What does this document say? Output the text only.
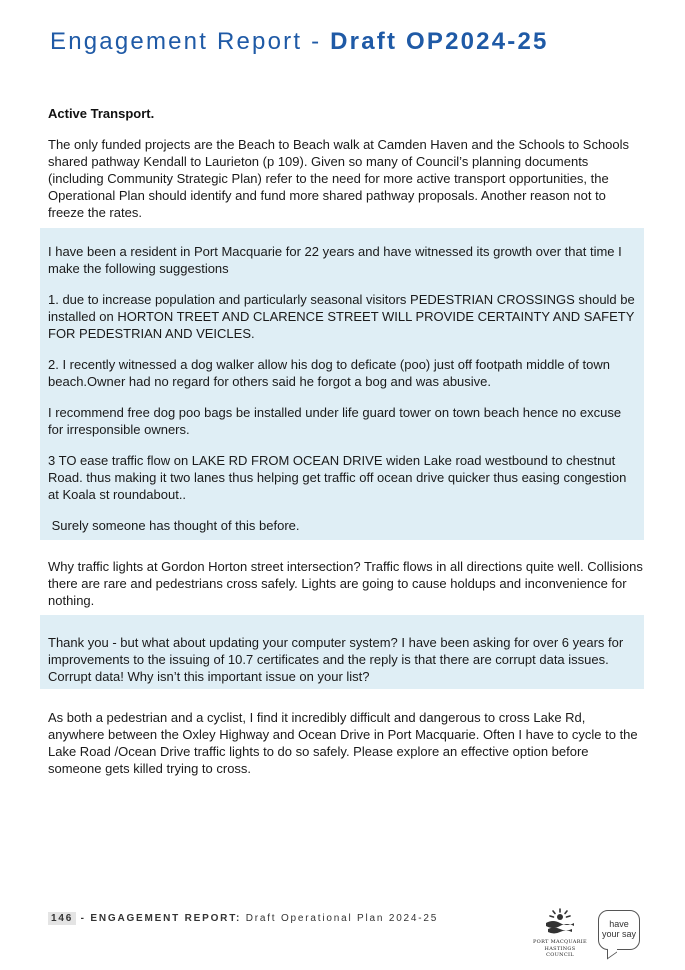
Engagement Report - Draft OP2024-25
Active Transport.

The only funded projects are the Beach to Beach walk at Camden Haven and the Schools to Schools shared pathway Kendall to Laurieton (p 109). Given so many of Council’s planning documents (including Community Strategic Plan) refer to the need for more active transport opportunities, the Operational Plan should identify and fund more shared pathway proposals. Another reason not to freeze the rates.

I have been a resident in Port Macquarie for 22 years and have witnessed its growth over that time I make the following suggestions

1. due to increase population and particularly seasonal visitors PEDESTRIAN CROSSINGS should be installed on HORTON TREET AND CLARENCE STREET WILL PROVIDE CERTAINTY AND SAFETY FOR PEDESTRIAN AND VEICLES.

2. I recently witnessed a dog walker allow his dog to deficate (poo) just off footpath middle of town beach.Owner had no regard for others said he forgot a bog and was abusive.

I recommend free dog poo bags be installed under life guard tower on town beach hence no excuse for irresponsible owners.

3 TO ease traffic flow on LAKE RD FROM OCEAN DRIVE widen Lake road westbound to chestnut Road. thus making it two lanes thus helping get traffic off ocean drive quicker thus easing congestion at Koala st roundabout..

Surely someone has thought of this before.

Why traffic lights at Gordon Horton street intersection? Traffic flows in all directions quite well. Collisions there are rare and pedestrians cross safely. Lights are going to cause holdups and inconvenience for nothing.

Thank you - but what about updating your computer system? I have been asking for over 6 years for improvements to the issuing of 10.7 certificates and the reply is that there are corrupt data issues. Corrupt data! Why isn’t this important issue on your list?

As both a pedestrian and a cyclist, I find it incredibly difficult and dangerous to cross Lake Rd, anywhere between the Oxley Highway and Ocean Drive in Port Macquarie. Often I have to cycle to the Lake Road /Ocean Drive traffic lights to do so safely. Please explore an effective option before someone gets killed trying to cross.

146 - ENGAGEMENT REPORT: Draft Operational Plan 2024-25
PORT MACQUARIE
HASTINGS COUNCIL
have
your say
